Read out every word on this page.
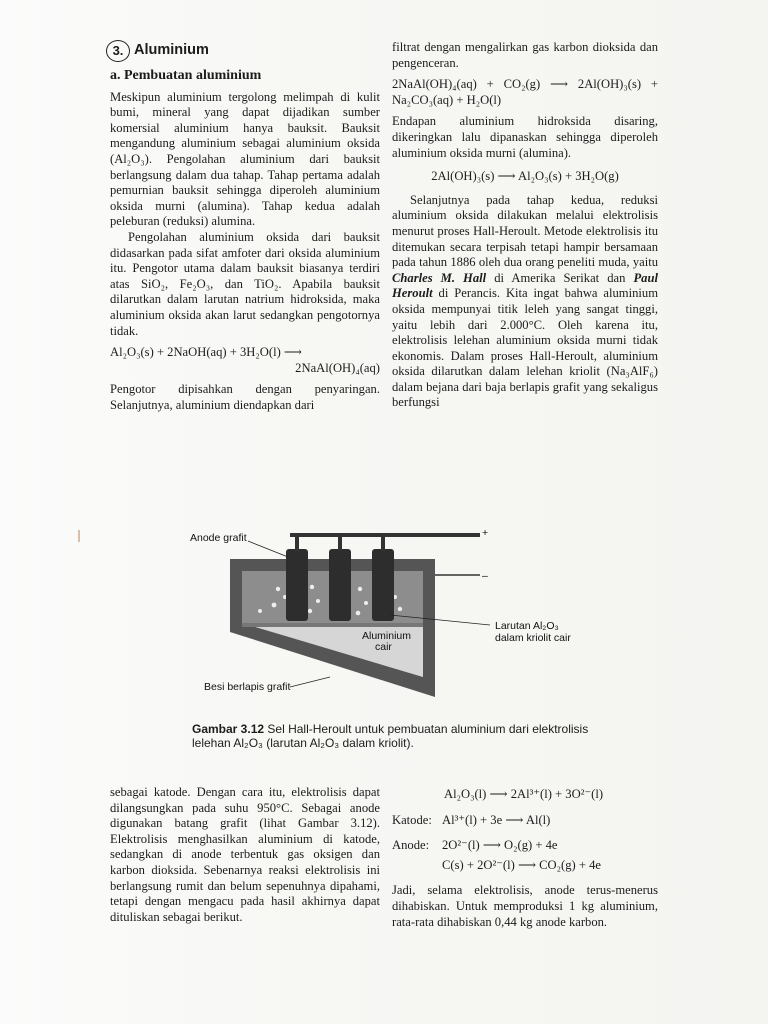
3. Aluminium
a. Pembuatan aluminium

Meskipun aluminium tergolong melimpah di kulit bumi, mineral yang dapat dijadikan sumber komersial aluminium hanya bauksit. Bauksit mengandung aluminium sebagai aluminium oksida (Al₂O₃). Pengolahan aluminium dari bauksit berlangsung dalam dua tahap. Tahap pertama adalah pemurnian bauksit sehingga diperoleh aluminium oksida murni (alumina). Tahap kedua adalah peleburan (reduksi) alumina.

Pengolahan aluminium oksida dari bauksit didasarkan pada sifat amfoter dari oksida aluminium itu. Pengotor utama dalam bauksit biasanya terdiri atas SiO₂, Fe₂O₃, dan TiO₂. Apabila bauksit dilarutkan dalam larutan natrium hidroksida, maka aluminium oksida akan larut sedangkan pengotornya tidak.

Al₂O₃(s) + 2NaOH(aq) + 3H₂O(l) ⟶
2NaAl(OH)₄(aq)

Pengotor dipisahkan dengan penyaringan. Selanjutnya, aluminium diendapkan dari

filtrat dengan mengalirkan gas karbon dioksida dan pengenceran.

2NaAl(OH)₄(aq) + CO₂(g) ⟶ 2Al(OH)₃(s) + Na₂CO₃(aq) + H₂O(l)

Endapan aluminium hidroksida disaring, dikeringkan lalu dipanaskan sehingga diperoleh aluminium oksida murni (alumina).

2Al(OH)₃(s) ⟶ Al₂O₃(s) + 3H₂O(g)

Selanjutnya pada tahap kedua, reduksi aluminium oksida dilakukan melalui elektrolisis menurut proses Hall-Heroult. Metode elektrolisis itu ditemukan secara terpisah tetapi hampir bersamaan pada tahun 1886 oleh dua orang peneliti muda, yaitu Charles M. Hall di Amerika Serikat dan Paul Heroult di Perancis. Kita ingat bahwa aluminium oksida mempunyai titik leleh yang sangat tinggi, yaitu lebih dari 2.000°C. Oleh karena itu, elektrolisis lelehan aluminium oksida murni tidak ekonomis. Dalam proses Hall-Heroult, aluminium oksida dilarutkan dalam lelehan kriolit (Na₃AlF₆) dalam bejana dari baja berlapis grafit yang sekaligus berfungsi

Anode grafit	+
–
Larutan Al₂O₃
dalam kriolit cair
Aluminium
cair
Besi berlapis grafit
Gambar 3.12 Sel Hall-Heroult untuk pembuatan aluminium dari elektrolisis lelehan Al₂O₃ (larutan Al₂O₃ dalam kriolit).

sebagai katode. Dengan cara itu, elektrolisis dapat dilangsungkan pada suhu 950°C. Sebagai anode digunakan batang grafit (lihat Gambar 3.12). Elektrolisis menghasilkan aluminium di katode, sedangkan di anode terbentuk gas oksigen dan karbon dioksida. Sebenarnya reaksi elektrolisis ini berlangsung rumit dan belum sepenuhnya dipahami, tetapi dengan mengacu pada hasil akhirnya dapat dituliskan sebagai berikut.

Al₂O₃(l) ⟶ 2Al³⁺(l) + 3O²⁻(l)
Katode: Al³⁺(l) + 3e ⟶ Al(l)
Anode:	2O²⁻(l) ⟶ O₂(g) + 4e
C(s) + 2O²⁻(l) ⟶ CO₂(g) + 4e

Jadi, selama elektrolisis, anode terus-menerus dihabiskan. Untuk memproduksi 1 kg aluminium, rata-rata dihabiskan 0,44 kg anode karbon.
